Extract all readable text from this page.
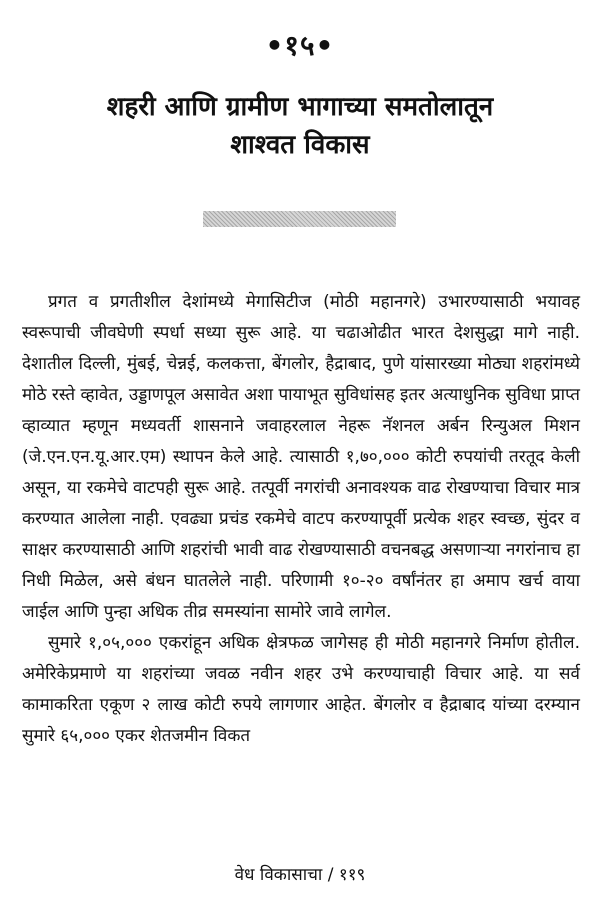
•१५•
शहरी आणि ग्रामीण भागाच्या समतोलातून
शाश्वत विकास

प्रगत व प्रगतीशील देशांमध्ये मेगासिटीज (मोठी महानगरे) उभारण्यासाठी भयावह स्वरूपाची जीवघेणी स्पर्धा सध्या सुरू आहे. या चढाओढीत भारत देशसुद्धा मागे नाही. देशातील दिल्ली, मुंबई, चेन्नई, कलकत्ता, बेंगलोर, हैद्राबाद, पुणे यांसारख्या मोठ्या शहरांमध्ये मोठे रस्ते व्हावेत, उड्डाणपूल असावेत अशा पायाभूत सुविधांसह इतर अत्याधुनिक सुविधा प्राप्त व्हाव्यात म्हणून मध्यवर्ती शासनाने जवाहरलाल नेहरू नॅशनल अर्बन रिन्युअल मिशन (जे.एन.एन.यू.आर.एम) स्थापन केले आहे. त्यासाठी १,७०,००० कोटी रुपयांची तरतूद केली असून, या रकमेचे वाटपही सुरू आहे. तत्पूर्वी नगरांची अनावश्यक वाढ रोखण्याचा विचार मात्र करण्यात आलेला नाही. एवढ्या प्रचंड रकमेचे वाटप करण्यापूर्वी प्रत्येक शहर स्वच्छ, सुंदर व साक्षर करण्यासाठी आणि शहरांची भावी वाढ रोखण्यासाठी वचनबद्ध असणाऱ्या नगरांनाच हा निधी मिळेल, असे बंधन घातलेले नाही. परिणामी १०-२० वर्षांनंतर हा अमाप खर्च वाया जाईल आणि पुन्हा अधिक तीव्र समस्यांना सामोरे जावे लागेल.

सुमारे १,०५,००० एकरांहून अधिक क्षेत्रफळ जागेसह ही मोठी महानगरे निर्माण होतील. अमेरिकेप्रमाणे या शहरांच्या जवळ नवीन शहर उभे करण्याचाही विचार आहे. या सर्व कामाकरिता एकूण २ लाख कोटी रुपये लागणार आहेत. बेंगलोर व हैद्राबाद यांच्या दरम्यान सुमारे ६५,००० एकर शेतजमीन विकत

वेध विकासाचा / ११९
